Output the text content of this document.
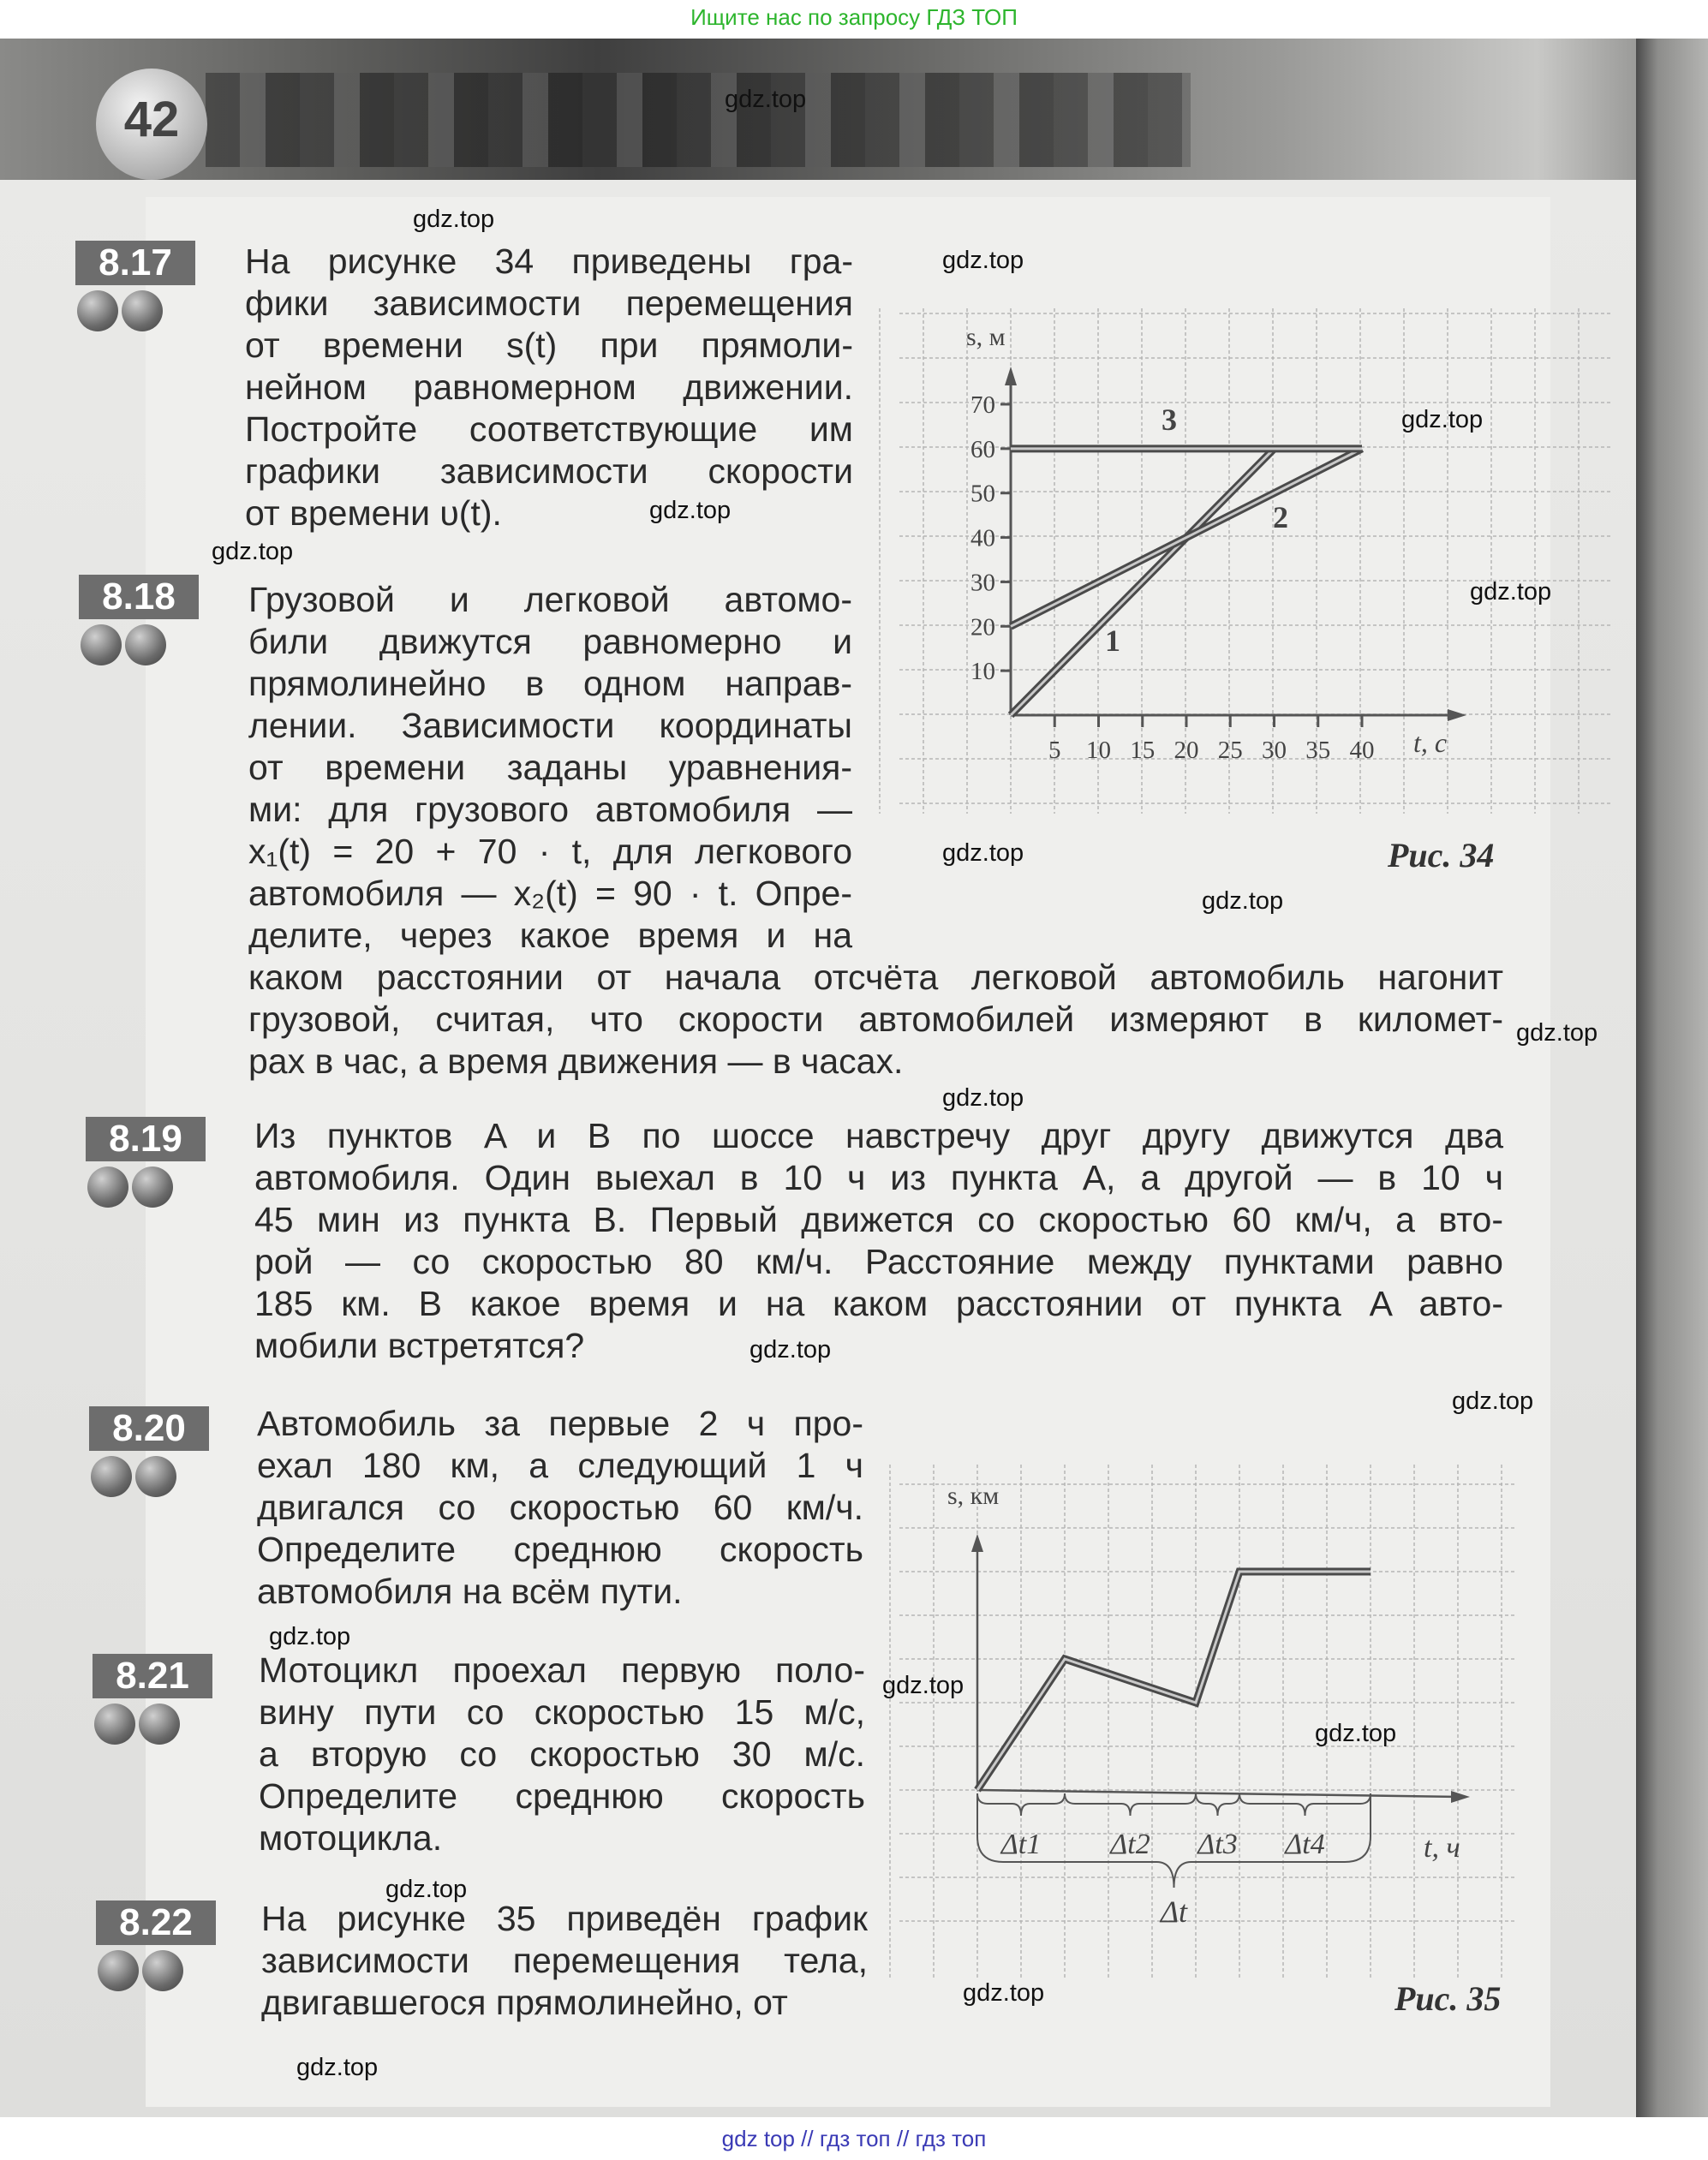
Ищите нас по запросу ГДЗ ТОП
42
8.17	На рисунке 34 приведены гра-
фики зависимости перемещения
от времени s(t) при прямоли-
нейном равномерном движении.
Постройте соответствующие им
графики зависимости скорости
от времени υ(t).
8.18	Грузовой и легковой автомо-
били движутся равномерно и
прямолинейно в одном направ-
лении. Зависимости координаты
от времени заданы уравнения-
ми: для грузового автомобиля —
x₁(t) = 20 + 70 · t, для легкового
автомобиля — x₂(t) = 90 · t. Опре-
делите, через какое время и на
каком расстоянии от начала отсчёта легковой автомобиль нагонит
грузовой, считая, что скорости автомобилей измеряют в километ-
рах в час, а время движения — в часах.
8.19	Из пунктов A и B по шоссе навстречу друг другу движутся два
автомобиля. Один выехал в 10 ч из пункта A, а другой — в 10 ч
45 мин из пункта B. Первый движется со скоростью 60 км/ч, а вто-
рой — со скоростью 80 км/ч. Расстояние между пунктами равно
185 км. В какое время и на каком расстоянии от пункта A авто-
мобили встретятся?
8.20	Автомобиль за первые 2 ч про-
ехал 180 км, а следующий 1 ч
двигался со скоростью 60 км/ч.
Определите среднюю скорость
автомобиля на всём пути.
8.21	Мотоцикл проехал первую поло-
вину пути со скоростью 15 м/с,
а вторую со скоростью 30 м/с.
Определите среднюю скорость
мотоцикла.
8.22	На рисунке 35 приведён график
зависимости перемещения тела,
двигавшегося прямолинейно, от
5 10 15 20 25 30 35 40
10
20
30
40
50
60
70
s, м
t, с
1
2
3
s, км
t, ч
Δt1 Δt2 Δt3 Δt4
Δt
Рис. 34
Рис. 35
gdz.top
gdz.top
gdz.top
gdz.top
gdz.top
gdz.top
gdz.top
gdz.top
gdz.top
gdz.top
gdz.top
gdz.top
gdz.top
gdz.top
gdz.top
gdz.top
gdz.top
gdz.top
gdz.top
gdz top // гдз топ // гдз топ
